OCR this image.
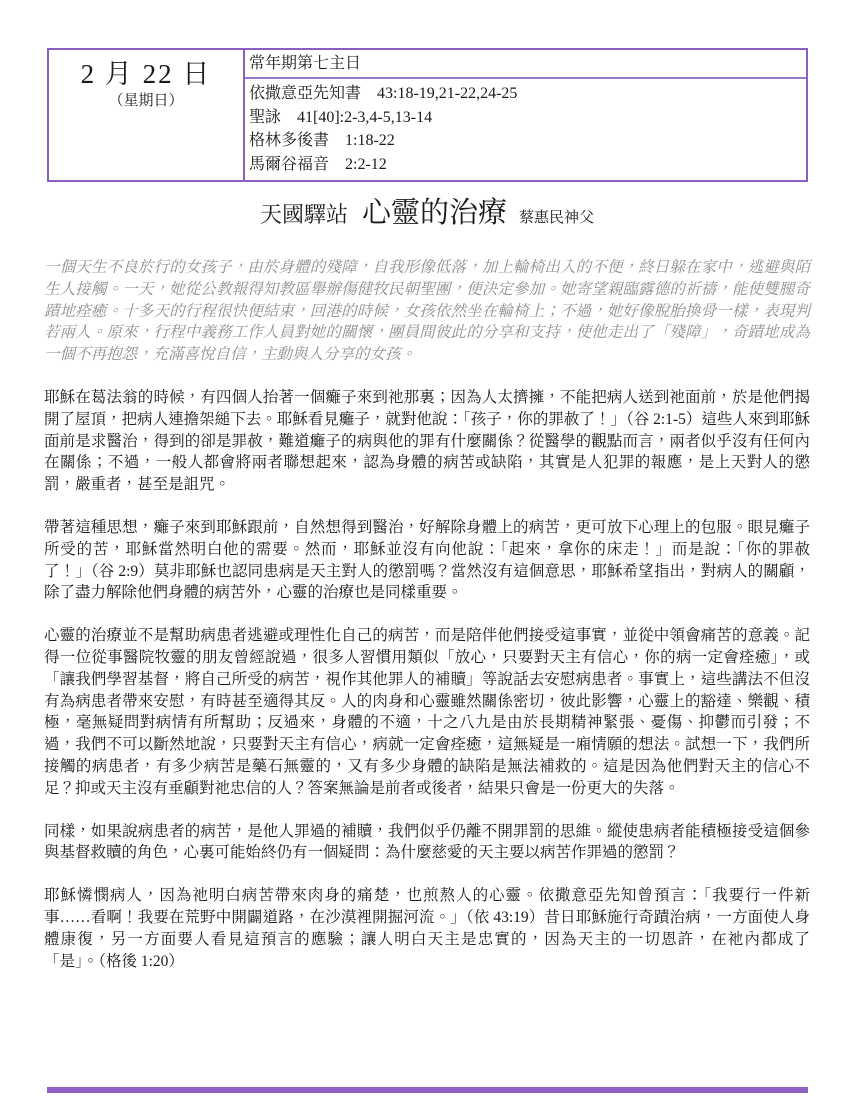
2 月 22 日
（星期日）
常年期第七主日
依撒意亞先知書　43:18-19,21-22,24-25
聖詠　41[40]:2-3,4-5,13-14
格林多後書　1:18-22
馬爾谷福音　2:2-12
天國驛站 心靈的治療 蔡惠民神父

一個天生不良於行的女孩子，由於身體的殘障，自我形像低落，加上輪椅出入的不便，終日躲在家中，逃避與陌生人接觸。一天，她從公教報得知教區舉辦傷健牧民朝聖團，便決定參加。她寄望親臨露德的祈禱，能使雙腿奇蹟地痊癒。十多天的行程很快便結束，回港的時候，女孩依然坐在輪椅上；不過，她好像脫胎換骨一樣，表現判若兩人。原來，行程中義務工作人員對她的關懷，團員間彼此的分享和支持，使他走出了「殘障」，奇蹟地成為一個不再抱怨，充滿喜悅自信，主動與人分享的女孩。

耶穌在葛法翁的時候，有四個人抬著一個癱子來到祂那裏；因為人太擠擁，不能把病人送到祂面前，於是他們揭開了屋頂，把病人連擔架縋下去。耶穌看見癱子，就對他說：「孩子，你的罪赦了！」（谷 2:1-5）這些人來到耶穌面前是求醫治，得到的卻是罪赦，難道癱子的病與他的罪有什麼關係？從醫學的觀點而言，兩者似乎沒有任何內在關係；不過，一般人都會將兩者聯想起來，認為身體的病苦或缺陷，其實是人犯罪的報應，是上天對人的懲罰，嚴重者，甚至是詛咒。

帶著這種思想，癱子來到耶穌跟前，自然想得到醫治，好解除身體上的病苦，更可放下心理上的包服。眼見癱子所受的苦，耶穌當然明白他的需要。然而，耶穌並沒有向他說：「起來，拿你的床走！」而是說：「你的罪赦了！」（谷 2:9）莫非耶穌也認同患病是天主對人的懲罰嗎？當然沒有這個意思，耶穌希望指出，對病人的關顧，除了盡力解除他們身體的病苦外，心靈的治療也是同樣重要。

心靈的治療並不是幫助病患者逃避或理性化自己的病苦，而是陪伴他們接受這事實，並從中領會痛苦的意義。記得一位從事醫院牧靈的朋友曾經說過，很多人習慣用類似「放心，只要對天主有信心，你的病一定會痊癒」，或「讓我們學習基督，將自己所受的病苦，視作其他罪人的補贖」等說話去安慰病患者。事實上，這些講法不但沒有為病患者帶來安慰，有時甚至適得其反。人的肉身和心靈雖然關係密切，彼此影響，心靈上的豁達、樂觀、積極，毫無疑問對病情有所幫助；反過來，身體的不適，十之八九是由於長期精神緊張、憂傷、抑鬱而引發；不過，我們不可以斷然地說，只要對天主有信心，病就一定會痊癒，這無疑是一廂情願的想法。試想一下，我們所接觸的病患者，有多少病苦是藥石無靈的，又有多少身體的缺陷是無法補救的。這是因為他們對天主的信心不足？抑或天主沒有垂顧對祂忠信的人？答案無論是前者或後者，結果只會是一份更大的失落。

同樣，如果說病患者的病苦，是他人罪過的補贖，我們似乎仍離不開罪罰的思維。縱使患病者能積極接受這個參與基督救贖的角色，心裏可能始終仍有一個疑問：為什麼慈愛的天主要以病苦作罪過的懲罰？

耶穌憐憫病人，因為祂明白病苦帶來肉身的痛楚，也煎熬人的心靈。依撒意亞先知曾預言：「我要行一件新事……看啊！我要在荒野中開闢道路，在沙漠裡開掘河流。」（依 43:19）昔日耶穌施行奇蹟治病，一方面使人身體康復，另一方面要人看見這預言的應驗；讓人明白天主是忠實的，因為天主的一切恩許，在祂內都成了「是」。（格後 1:20）
